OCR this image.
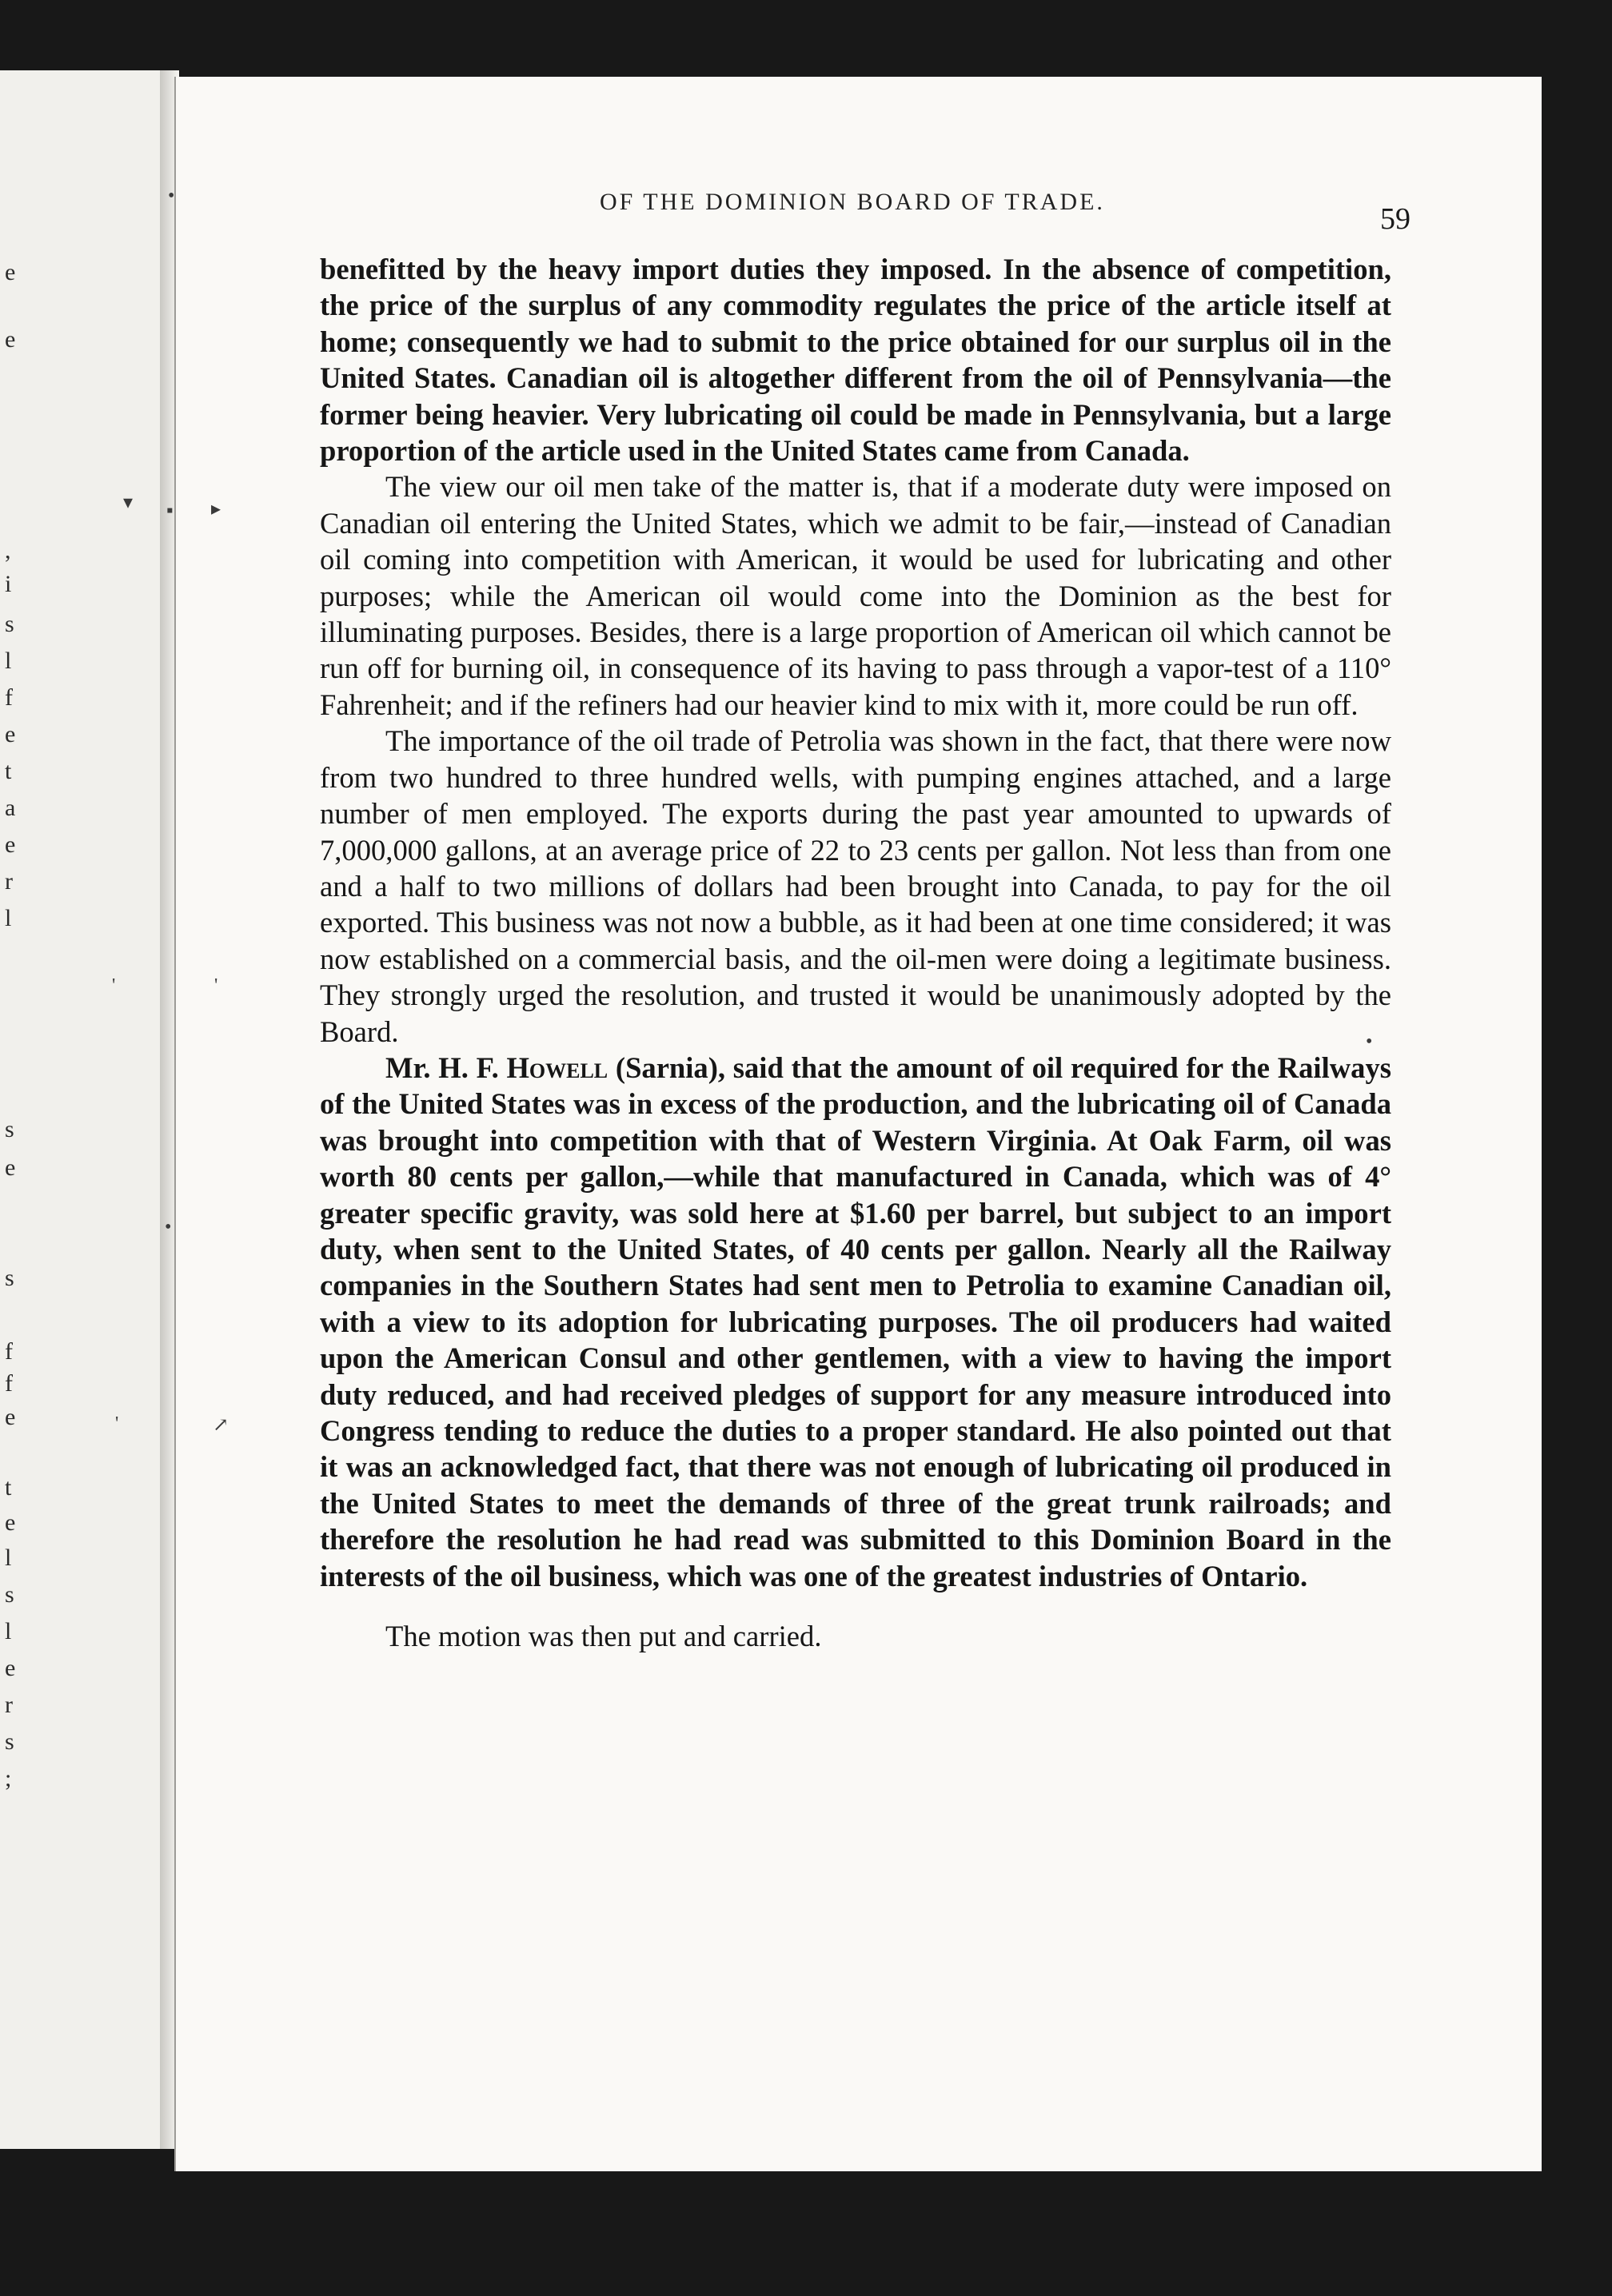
e
e
,
i
s
l
f
e
t
a
e
r
l
s
e
s
f
f
e
t
e
l
s
l
e
r
s
;
•
▾ ▪ ▸
'	'
•
'	↗
•
OF THE DOMINION BOARD OF TRADE.
59

benefitted by the heavy import duties they imposed. In the absence of competition, the price of the surplus of any commodity regulates the price of the article itself at home; consequently we had to submit to the price obtained for our surplus oil in the United States. Canadian oil is altogether different from the oil of Pennsylvania—the former being heavier. Very lubricating oil could be made in Pennsylvania, but a large proportion of the article used in the United States came from Canada.

The view our oil men take of the matter is, that if a moderate duty were imposed on Canadian oil entering the United States, which we admit to be fair,—instead of Canadian oil coming into competition with American, it would be used for lubricating and other purposes; while the American oil would come into the Dominion as the best for illuminating purposes. Besides, there is a large proportion of American oil which cannot be run off for burning oil, in consequence of its having to pass through a vapor-test of a 110° Fahrenheit; and if the refiners had our heavier kind to mix with it, more could be run off.

The importance of the oil trade of Petrolia was shown in the fact, that there were now from two hundred to three hundred wells, with pumping engines attached, and a large number of men employed. The exports during the past year amounted to upwards of 7,000,000 gallons, at an average price of 22 to 23 cents per gallon. Not less than from one and a half to two millions of dollars had been brought into Canada, to pay for the oil exported. This business was not now a bubble, as it had been at one time considered; it was now established on a commercial basis, and the oil-men were doing a legitimate business. They strongly urged the resolution, and trusted it would be unanimously adopted by the Board.

Mr. H. F. Howell (Sarnia), said that the amount of oil required for the Railways of the United States was in excess of the production, and the lubricating oil of Canada was brought into competition with that of Western Virginia. At Oak Farm, oil was worth 80 cents per gallon,—while that manufactured in Canada, which was of 4° greater specific gravity, was sold here at $1.60 per barrel, but subject to an import duty, when sent to the United States, of 40 cents per gallon. Nearly all the Railway companies in the Southern States had sent men to Petrolia to examine Canadian oil, with a view to its adoption for lubricating purposes. The oil producers had waited upon the American Consul and other gentlemen, with a view to having the import duty reduced, and had received pledges of support for any measure introduced into Congress tending to reduce the duties to a proper standard. He also pointed out that it was an acknowledged fact, that there was not enough of lubricating oil produced in the United States to meet the demands of three of the great trunk railroads; and therefore the resolution he had read was submitted to this Dominion Board in the interests of the oil business, which was one of the greatest industries of Ontario.

The motion was then put and carried.
